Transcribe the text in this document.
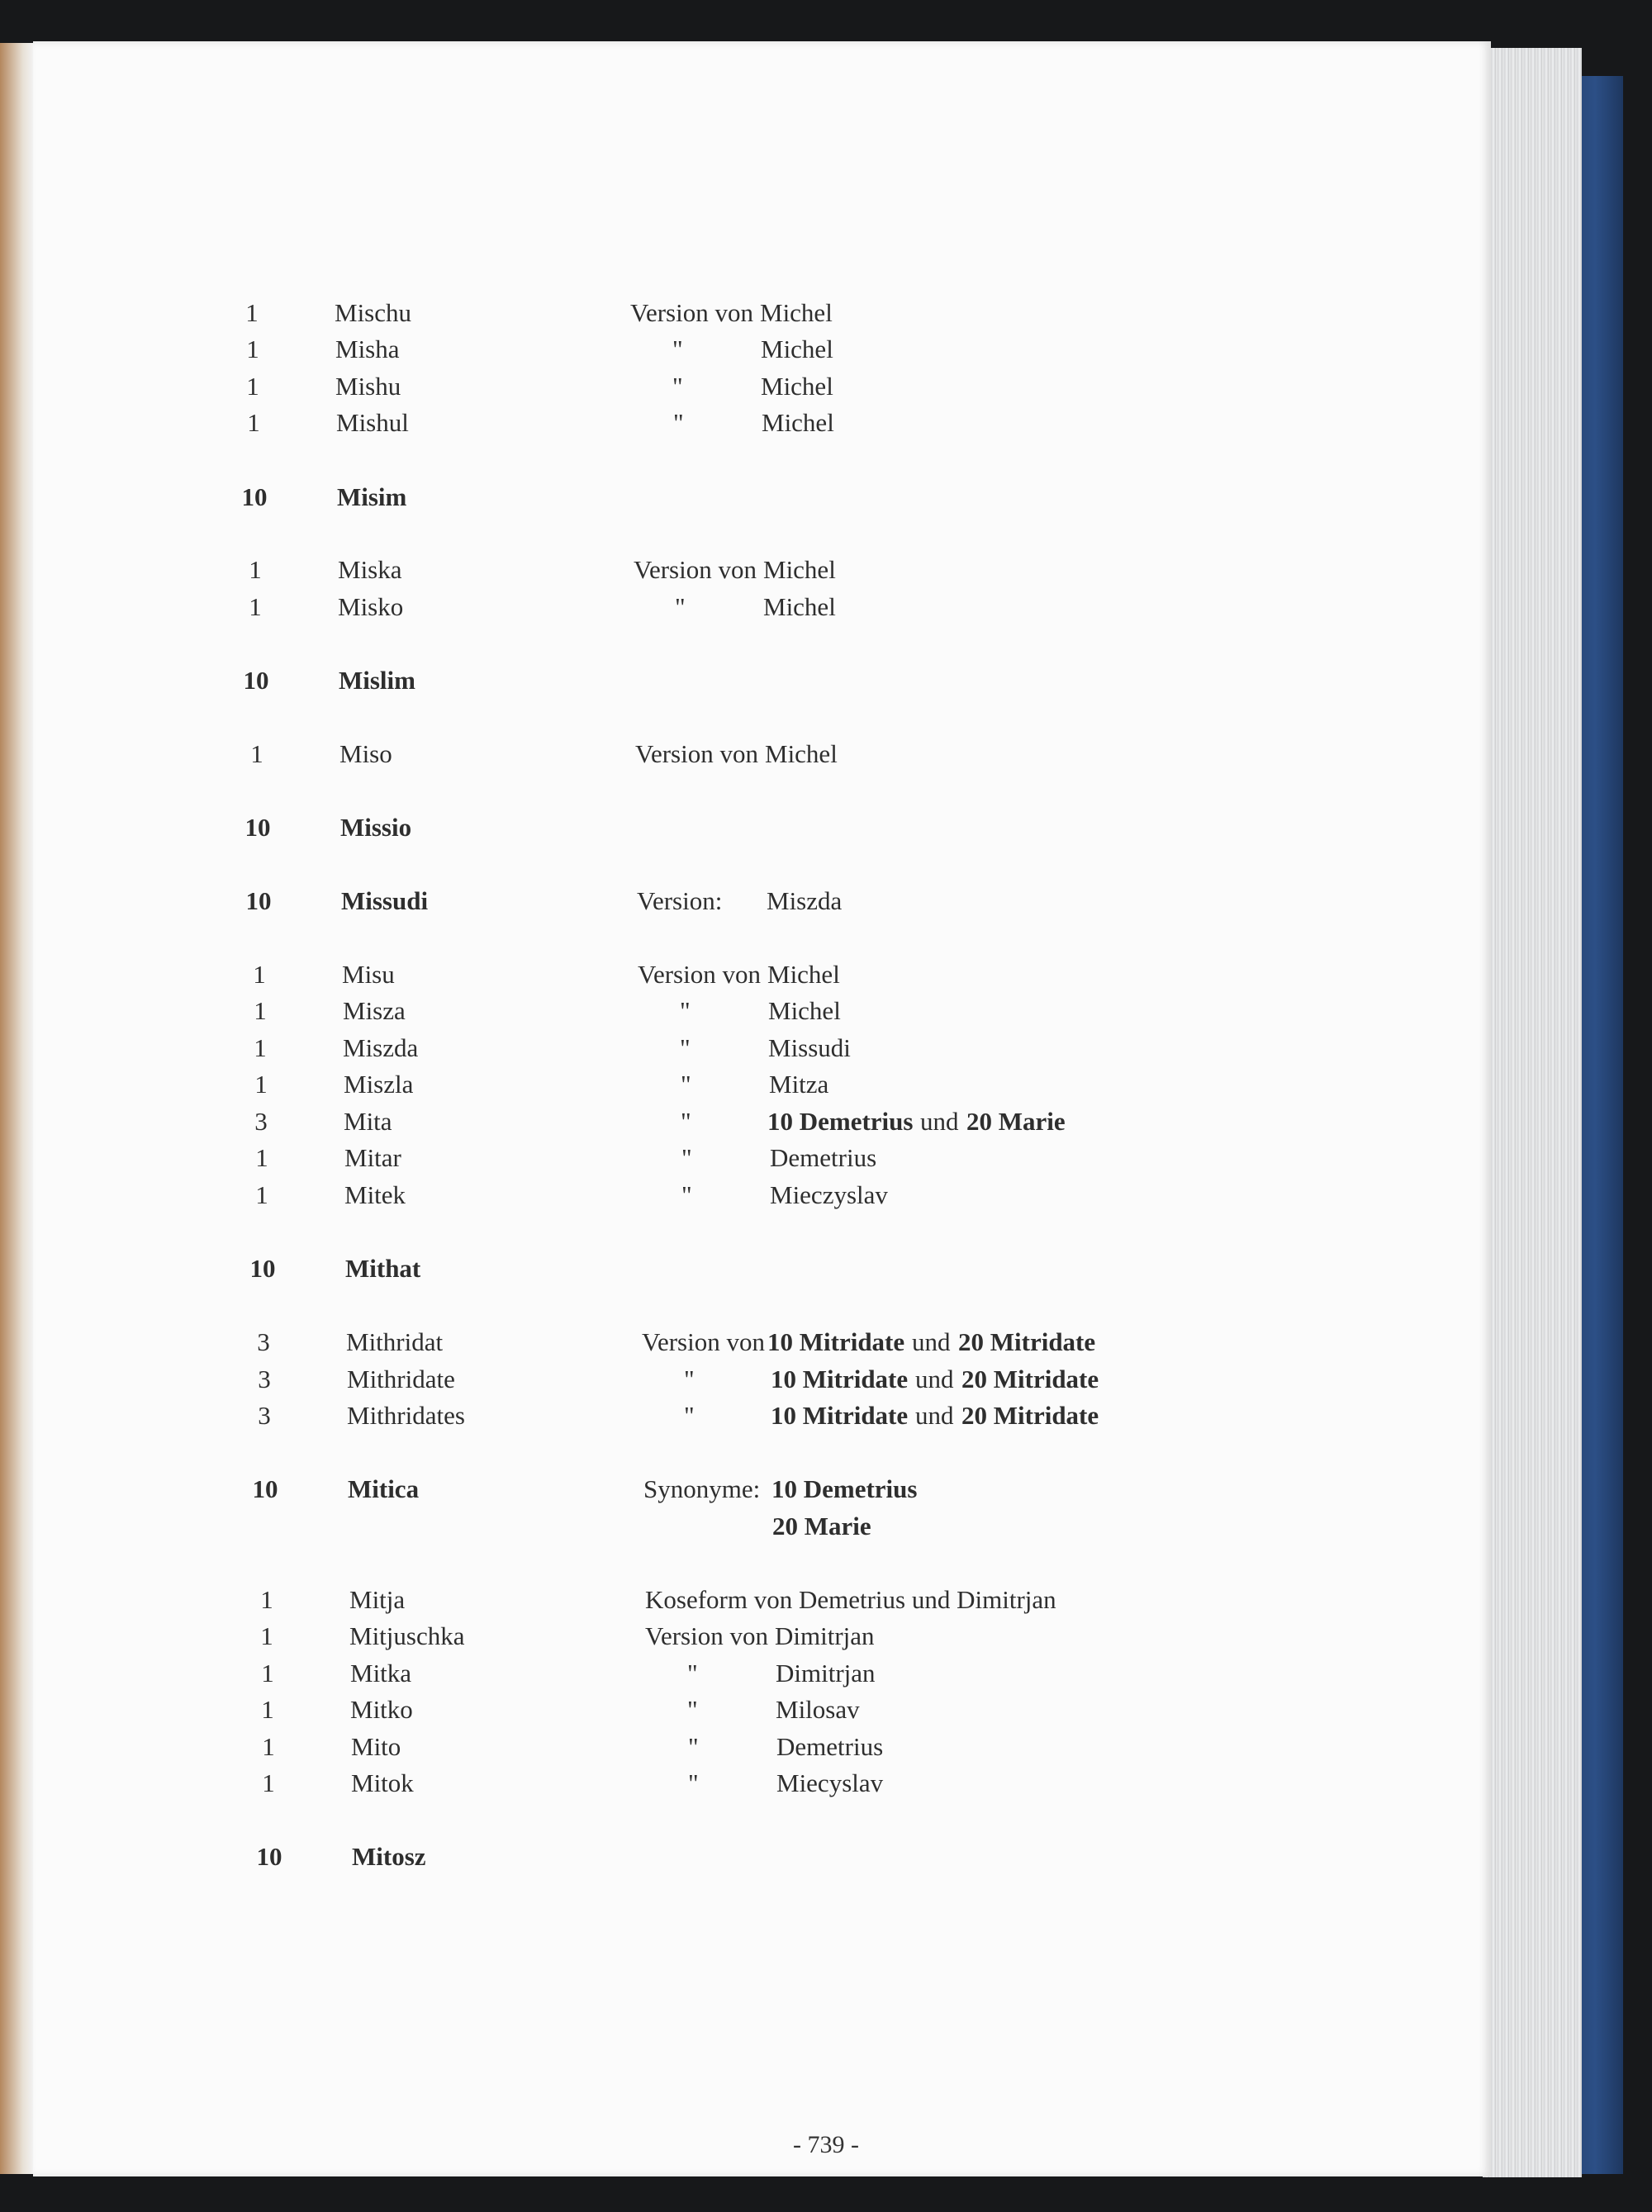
1	Mischu	Version von Michel
1	Misha	"	Michel
1	Mishu	"	Michel
1	Mishul	"	Michel
10	Misim
1	Miska	Version von Michel
1	Misko	"	Michel
10	Mislim
1	Miso	Version von Michel
10	Missio
10	Missudi	Version: Miszda
1	Misu	Version von Michel
1	Misza	"	Michel
1	Miszda	"	Missudi
1	Miszla	"	Mitza
3	Mita	"	10 Demetrius und 20 Marie
1	Mitar	"	Demetrius
1	Mitek	"	Mieczyslav
10	Mithat
3	Mithridat	Version von 10 Mitridate und 20 Mitridate
3	Mithridate	"	10 Mitridate und 20 Mitridate
3	Mithridates	"	10 Mitridate und 20 Mitridate
10	Mitica	Synonyme: 10 Demetrius
20 Marie
1	Mitja	Koseform von Demetrius und Dimitrjan
1	Mitjuschka	Version von Dimitrjan
1	Mitka	"	Dimitrjan
1	Mitko	"	Milosav
1	Mito	"	Demetrius
1	Mitok	"	Miecyslav
10	Mitosz
- 739 -
